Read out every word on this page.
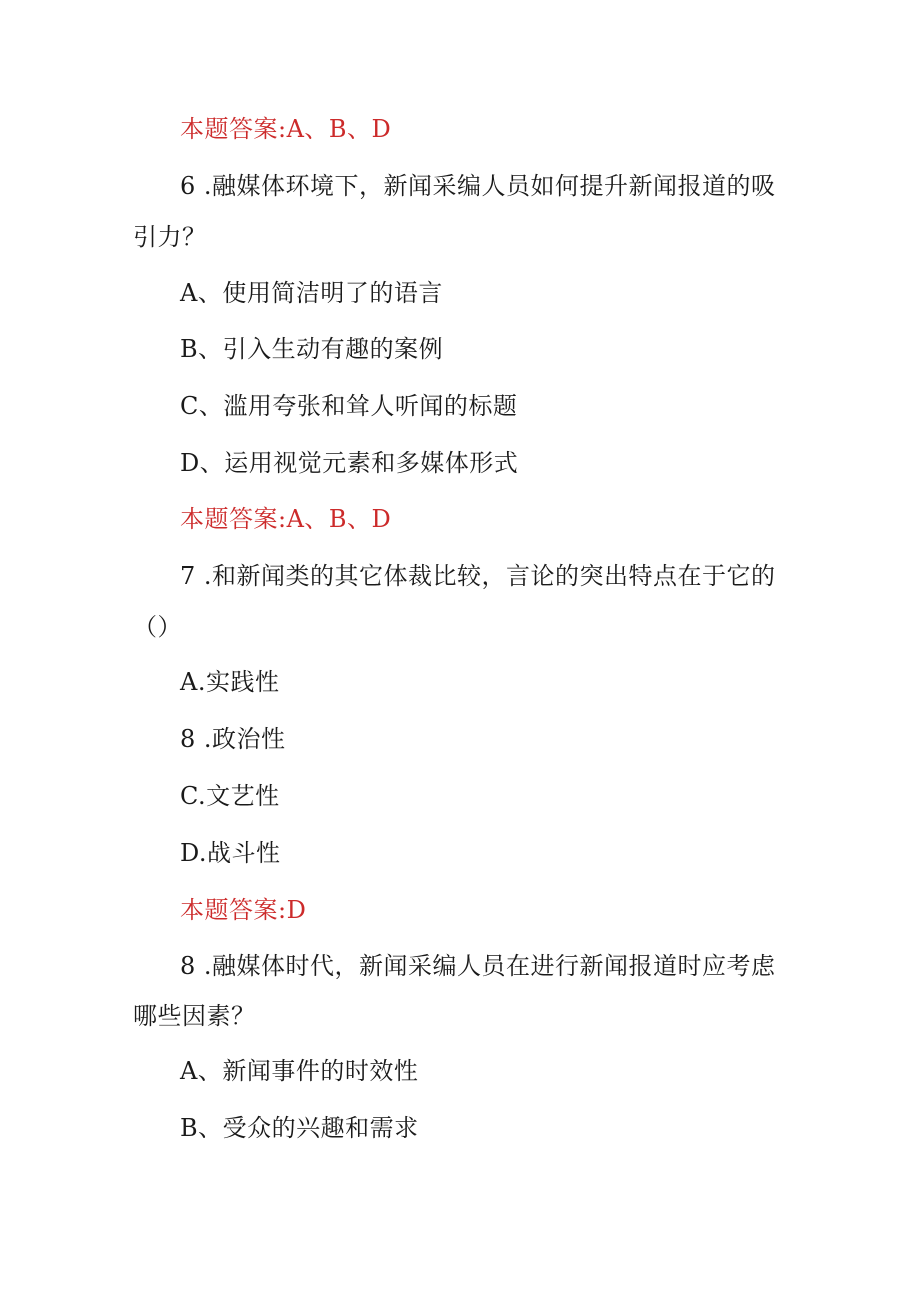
本题答案:A、B、D
6 .融媒体环境下，新闻采编人员如何提升新闻报道的吸
引力？
A、使用简洁明了的语言
B、引入生动有趣的案例
C、滥用夸张和耸人听闻的标题
D、运用视觉元素和多媒体形式
本题答案:A、B、D
7 .和新闻类的其它体裁比较，言论的突出特点在于它的
（）
A.实践性
8 .政治性
C.文艺性
D.战斗性
本题答案:D
8 .融媒体时代，新闻采编人员在进行新闻报道时应考虑
哪些因素？
A、新闻事件的时效性
B、受众的兴趣和需求
